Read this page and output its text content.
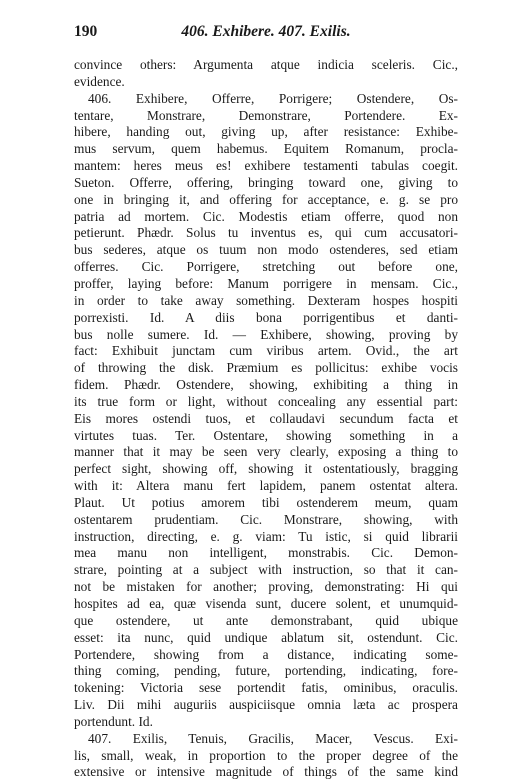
190	406. Exhibere. 407. Exilis.
convince others: Argumenta atque indicia sceleris. Cic.,
evidence.
406. Exhibere, Offerre, Porrigere; Ostendere, Os-
tentare, Monstrare, Demonstrare, Portendere. Ex-
hibere, handing out, giving up, after resistance: Exhibe-
mus servum, quem habemus. Equitem Romanum, procla-
mantem: heres meus es! exhibere testamenti tabulas coegit.
Sueton. Offerre, offering, bringing toward one, giving to
one in bringing it, and offering for acceptance, e. g. se pro
patria ad mortem. Cic. Modestis etiam offerre, quod non
petierunt. Phædr. Solus tu inventus es, qui cum accusatori-
bus sederes, atque os tuum non modo ostenderes, sed etiam
offerres. Cic. Porrigere, stretching out before one,
proffer, laying before: Manum porrigere in mensam. Cic.,
in order to take away something. Dexteram hospes hospiti
porrexisti. Id. A diis bona porrigentibus et danti-
bus nolle sumere. Id. — Exhibere, showing, proving by
fact: Exhibuit junctam cum viribus artem. Ovid., the art
of throwing the disk. Præmium es pollicitus: exhibe vocis
fidem. Phædr. Ostendere, showing, exhibiting a thing in
its true form or light, without concealing any essential part:
Eis mores ostendi tuos, et collaudavi secundum facta et
virtutes tuas. Ter. Ostentare, showing something in a
manner that it may be seen very clearly, exposing a thing to
perfect sight, showing off, showing it ostentatiously, bragging
with it: Altera manu fert lapidem, panem ostentat altera.
Plaut. Ut potius amorem tibi ostenderem meum, quam
ostentarem prudentiam. Cic. Monstrare, showing, with
instruction, directing, e. g. viam: Tu istic, si quid librarii
mea manu non intelligent, monstrabis. Cic. Demon-
strare, pointing at a subject with instruction, so that it can-
not be mistaken for another; proving, demonstrating: Hi qui
hospites ad ea, quæ visenda sunt, ducere solent, et unumquid-
que ostendere, ut ante demonstrabant, quid ubique
esset: ita nunc, quid undique ablatum sit, ostendunt. Cic.
Portendere, showing from a distance, indicating some-
thing coming, pending, future, portending, indicating, fore-
tokening: Victoria sese portendit fatis, ominibus, oraculis.
Liv. Dii mihi auguriis auspiciisque omnia læta ac prospera
portendunt. Id.
407. Exilis, Tenuis, Gracilis, Macer, Vescus. Exi-
lis, small, weak, in proportion to the proper degree of the
extensive or intensive magnitude of things of the same kind
